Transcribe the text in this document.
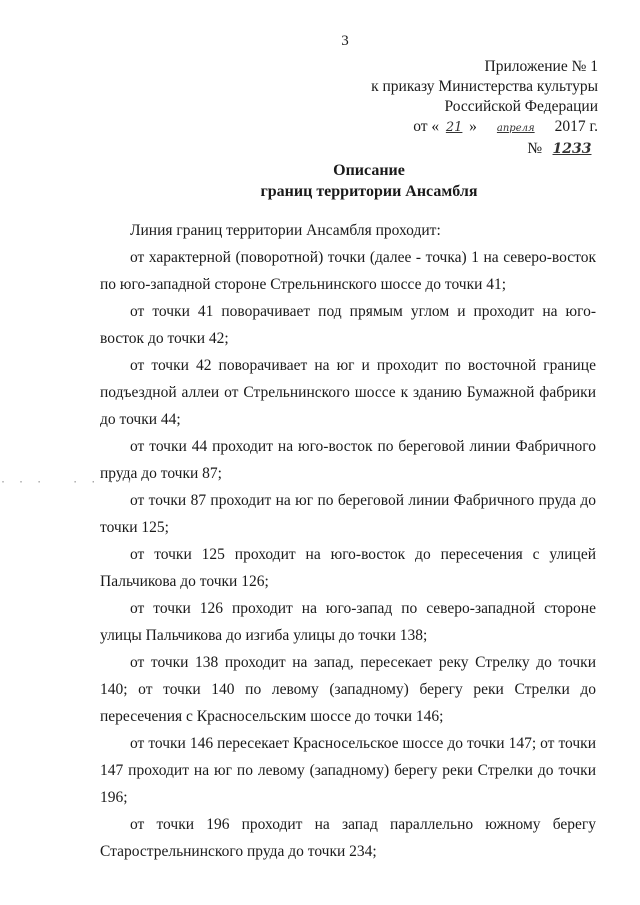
3
Приложение № 1
к приказу Министерства культуры
Российской Федерации
от « 21 » апреля 2017 г.
№ 1233
Описание
границ территории Ансамбля
· · ·   · · · ·

Линия границ территории Ансамбля проходит:

от характерной (поворотной) точки (далее - точка) 1 на северо-восток по юго-западной стороне Стрельнинского шоссе до точки 41;

от точки 41 поворачивает под прямым углом и проходит на юго-восток до точки 42;

от точки 42 поворачивает на юг и проходит по восточной границе подъездной аллеи от Стрельнинского шоссе к зданию Бумажной фабрики до точки 44;

от точки 44 проходит на юго-восток по береговой линии Фабричного пруда до точки 87;

от точки 87 проходит на юг по береговой линии Фабричного пруда до точки 125;

от точки 125 проходит на юго-восток до пересечения с улицей Пальчикова до точки 126;

от точки 126 проходит на юго-запад по северо-западной стороне улицы Пальчикова до изгиба улицы до точки 138;

от точки 138 проходит на запад, пересекает реку Стрелку до точки 140; от точки 140 по левому (западному) берегу реки Стрелки до пересечения с Красносельским шоссе до точки 146;

от точки 146 пересекает Красносельское шоссе до точки 147; от точки 147 проходит на юг по левому (западному) берегу реки Стрелки до точки 196;

от точки 196 проходит на запад параллельно южному берегу Старострельнинского пруда до точки 234;
